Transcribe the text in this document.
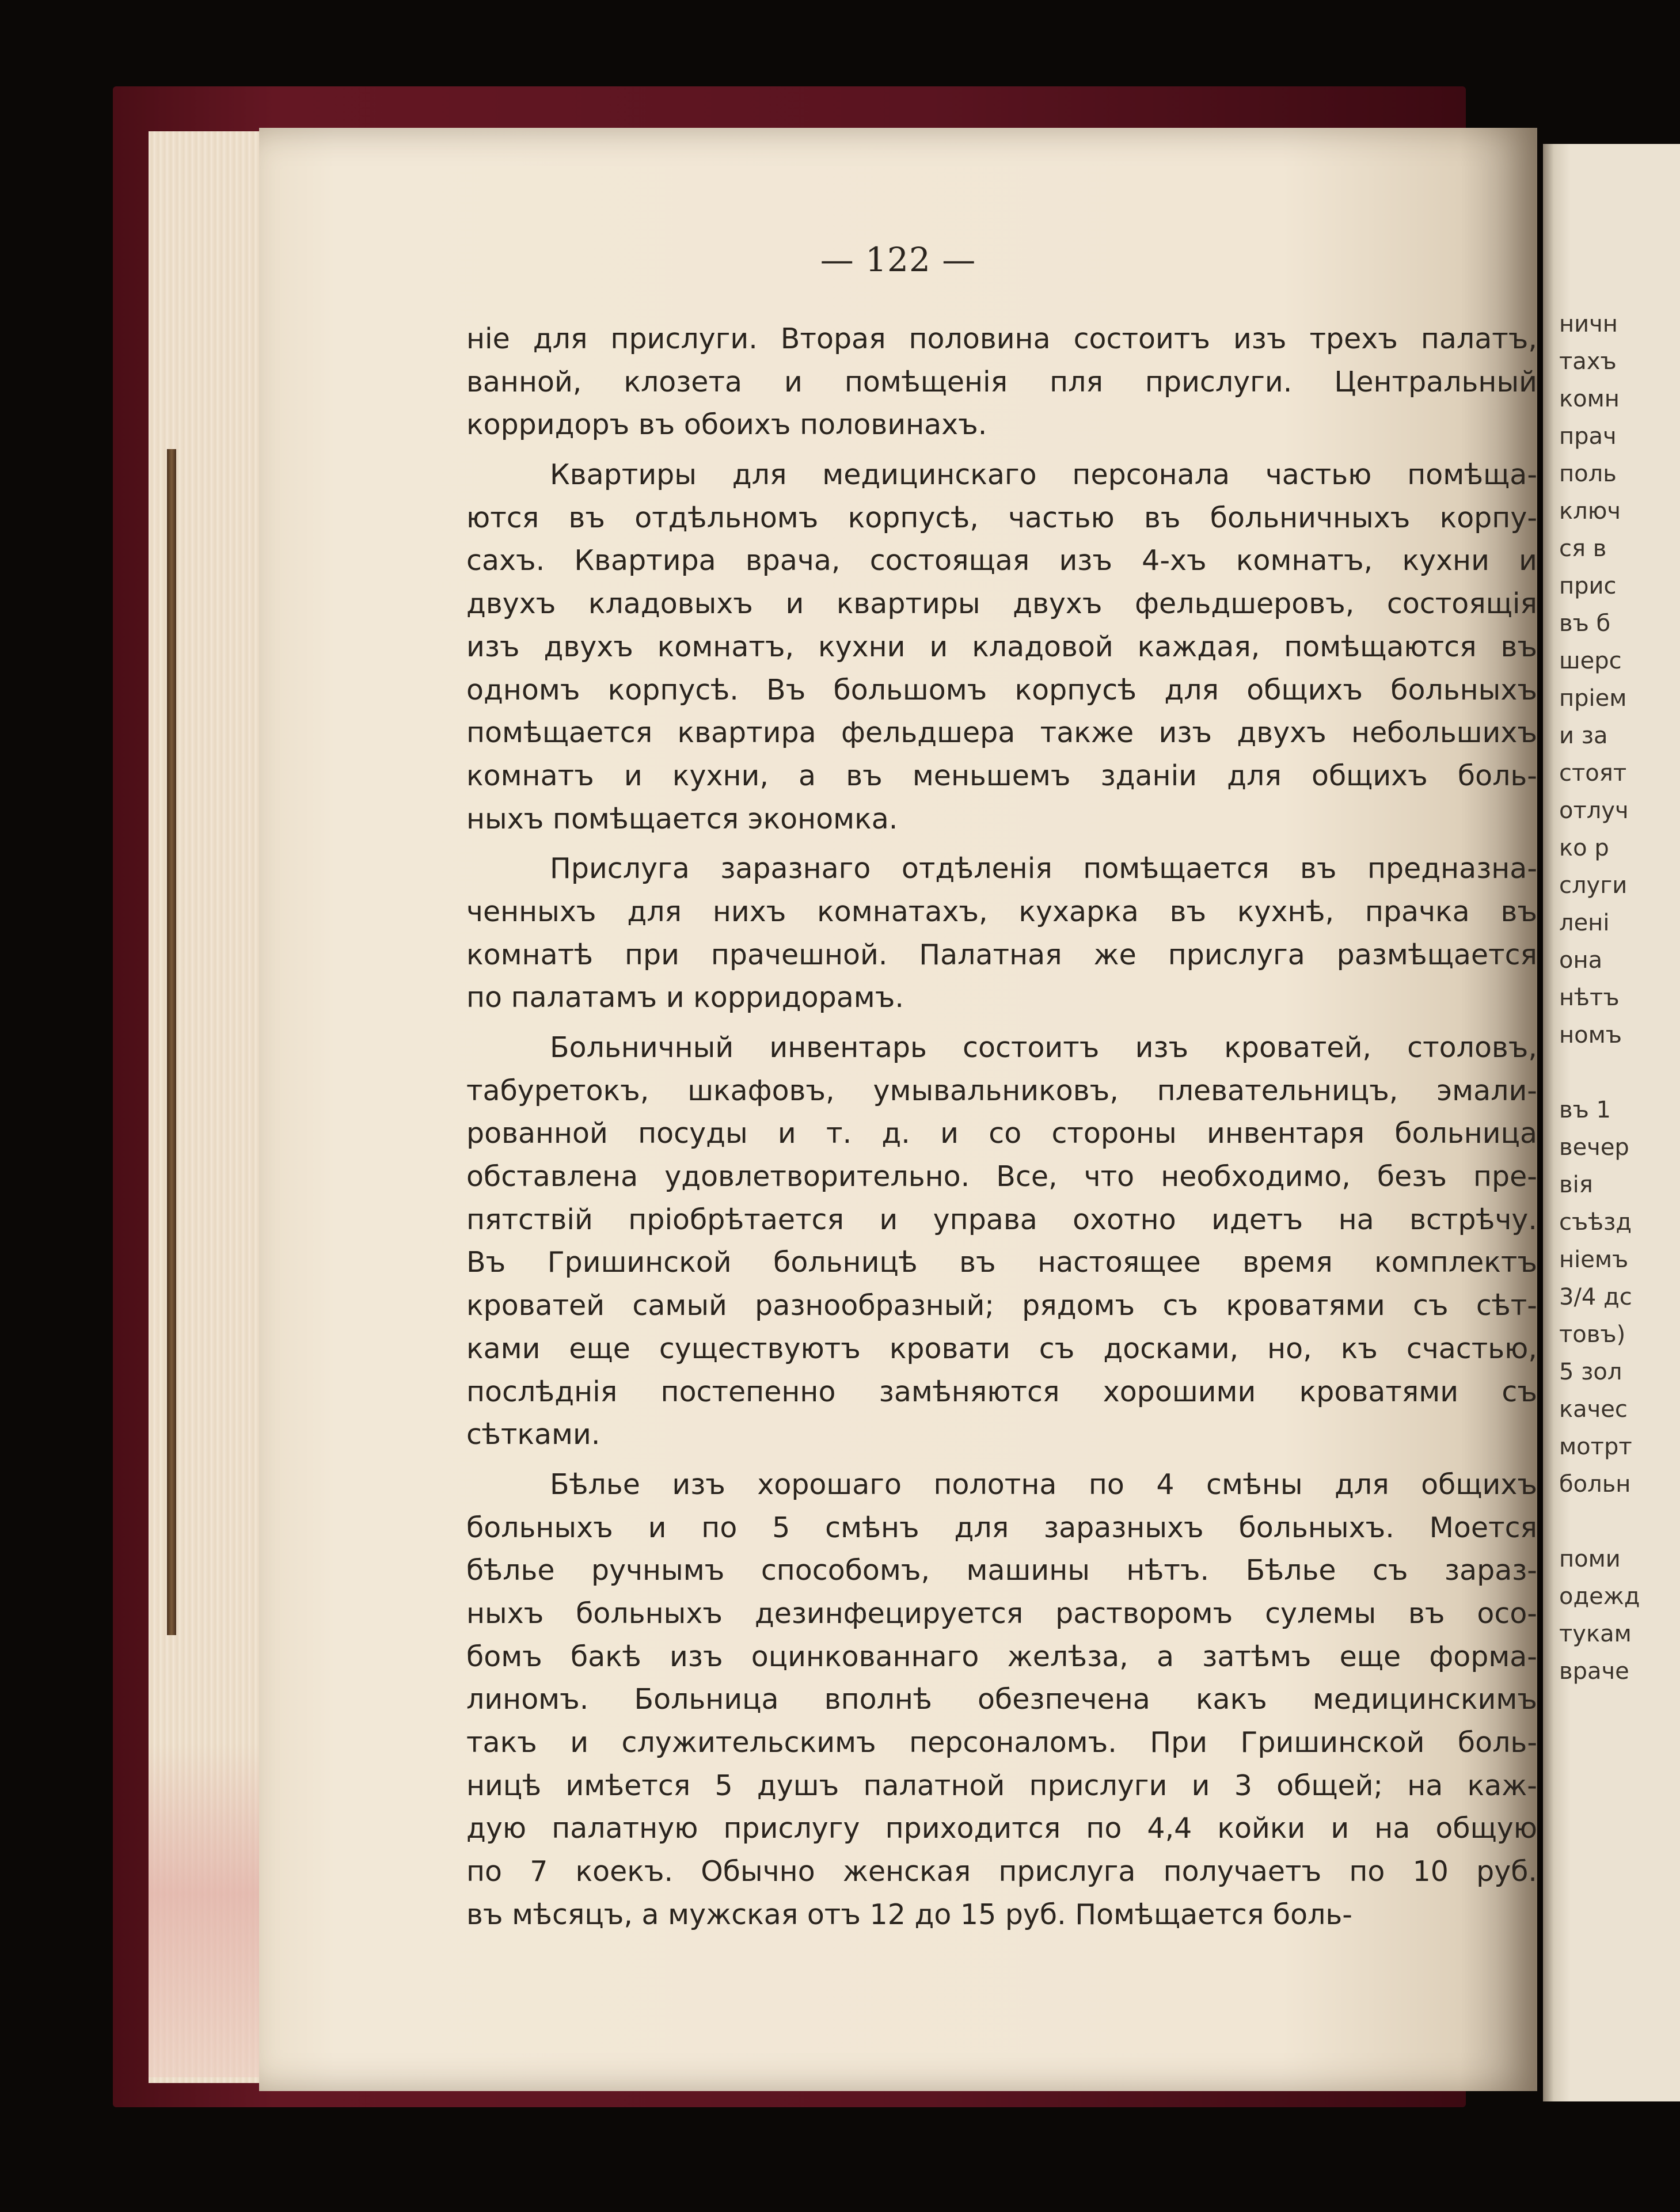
— 122 —
ніе для прислуги. Вторая половина состоитъ изъ трехъ палатъ,
ванной, клозета и помѣщенія пля прислуги. Центральный
корридоръ въ обоихъ половинахъ.
Квартиры для медицинскаго персонала частью помѣща-
ются въ отдѣльномъ корпусѣ, частью въ больничныхъ корпу-
сахъ. Квартира врача, состоящая изъ 4-хъ комнатъ, кухни и
двухъ кладовыхъ и квартиры двухъ фельдшеровъ, состоящія
изъ двухъ комнатъ, кухни и кладовой каждая, помѣщаются въ
одномъ корпусѣ. Въ большомъ корпусѣ для общихъ больныхъ
помѣщается квартира фельдшера также изъ двухъ небольшихъ
комнатъ и кухни, а въ меньшемъ зданіи для общихъ боль-
ныхъ помѣщается экономка.
Прислуга заразнаго отдѣленія помѣщается въ предназна-
ченныхъ для нихъ комнатахъ, кухарка въ кухнѣ, прачка въ
комнатѣ при прачешной. Палатная же прислуга размѣщается
по палатамъ и корридорамъ.
Больничный инвентарь состоитъ изъ кроватей, столовъ,
табуретокъ, шкафовъ, умывальниковъ, плевательницъ, эмали-
рованной посуды и т. д. и со стороны инвентаря больница
обставлена удовлетворительно. Все, что необходимо, безъ пре-
пятствій пріобрѣтается и управа охотно идетъ на встрѣчу.
Въ Гришинской больницѣ въ настоящее время комплектъ
кроватей самый разнообразный; рядомъ съ кроватями съ сѣт-
ками еще существуютъ кровати съ досками, но, къ счастью,
послѣднія постепенно замѣняются хорошими кроватями съ
сѣтками.
Бѣлье изъ хорошаго полотна по 4 смѣны для общихъ
больныхъ и по 5 смѣнъ для заразныхъ больныхъ. Моется
бѣлье ручнымъ способомъ, машины нѣтъ. Бѣлье съ зараз-
ныхъ больныхъ дезинфецируется растворомъ сулемы въ осо-
бомъ бакѣ изъ оцинкованнаго желѣза, а затѣмъ еще форма-
линомъ. Больница вполнѣ обезпечена какъ медицинскимъ
такъ и служительскимъ персоналомъ. При Гришинской боль-
ницѣ имѣется 5 душъ палатной прислуги и 3 общей; на каж-
дую палатную прислугу приходится по 4,4 койки и на общую
по 7 коекъ. Обычно женская прислуга получаетъ по 10 руб.
въ мѣсяцъ, а мужская отъ 12 до 15 руб. Помѣщается боль-
ничн
тахъ
комн
прач
поль
ключ
ся в
прис
въ б
шерс
пріем
и за
стоят
отлуч
ко р
слуги
лені
она
нѣтъ
номъ
въ 1
вечер
вія
съѣзд
ніемъ
3/4 дс
товъ)
5 зол
качес
мотрт
больн
поми
одежд
тукам
враче
